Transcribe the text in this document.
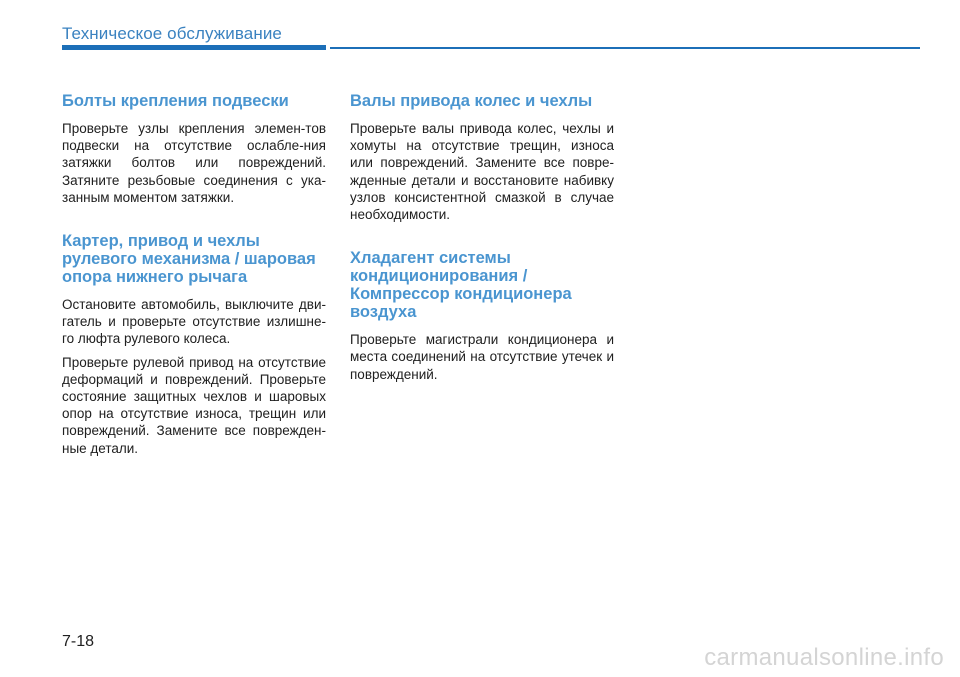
Техническое обслуживание
Болты крепления подвески

Проверьте узлы крепления элемен-тов подвески на отсутствие ослабле-ния затяжки болтов или повреждений. Затяните резьбовые соединения с ука-занным моментом затяжки.

Картер, привод и чехлы рулевого механизма / шаровая опора нижнего рычага

Остановите автомобиль, выключите дви-гатель и проверьте отсутствие излишне-го люфта рулевого колеса.

Проверьте рулевой привод на отсутствие деформаций и повреждений. Проверьте состояние защитных чехлов и шаровых опор на отсутствие износа, трещин или повреждений. Замените все поврежден-ные детали.

Валы привода колес и чехлы

Проверьте валы привода колес, чехлы и хомуты на отсутствие трещин, износа или повреждений. Замените все повре-жденные детали и восстановите набивку узлов консистентной смазкой в случае необходимости.

Хладагент системы кондиционирования / Компрессор кондиционера воздуха

Проверьте магистрали кондиционера и места соединений на отсутствие утечек и повреждений.

7-18
carmanualsonline.info
